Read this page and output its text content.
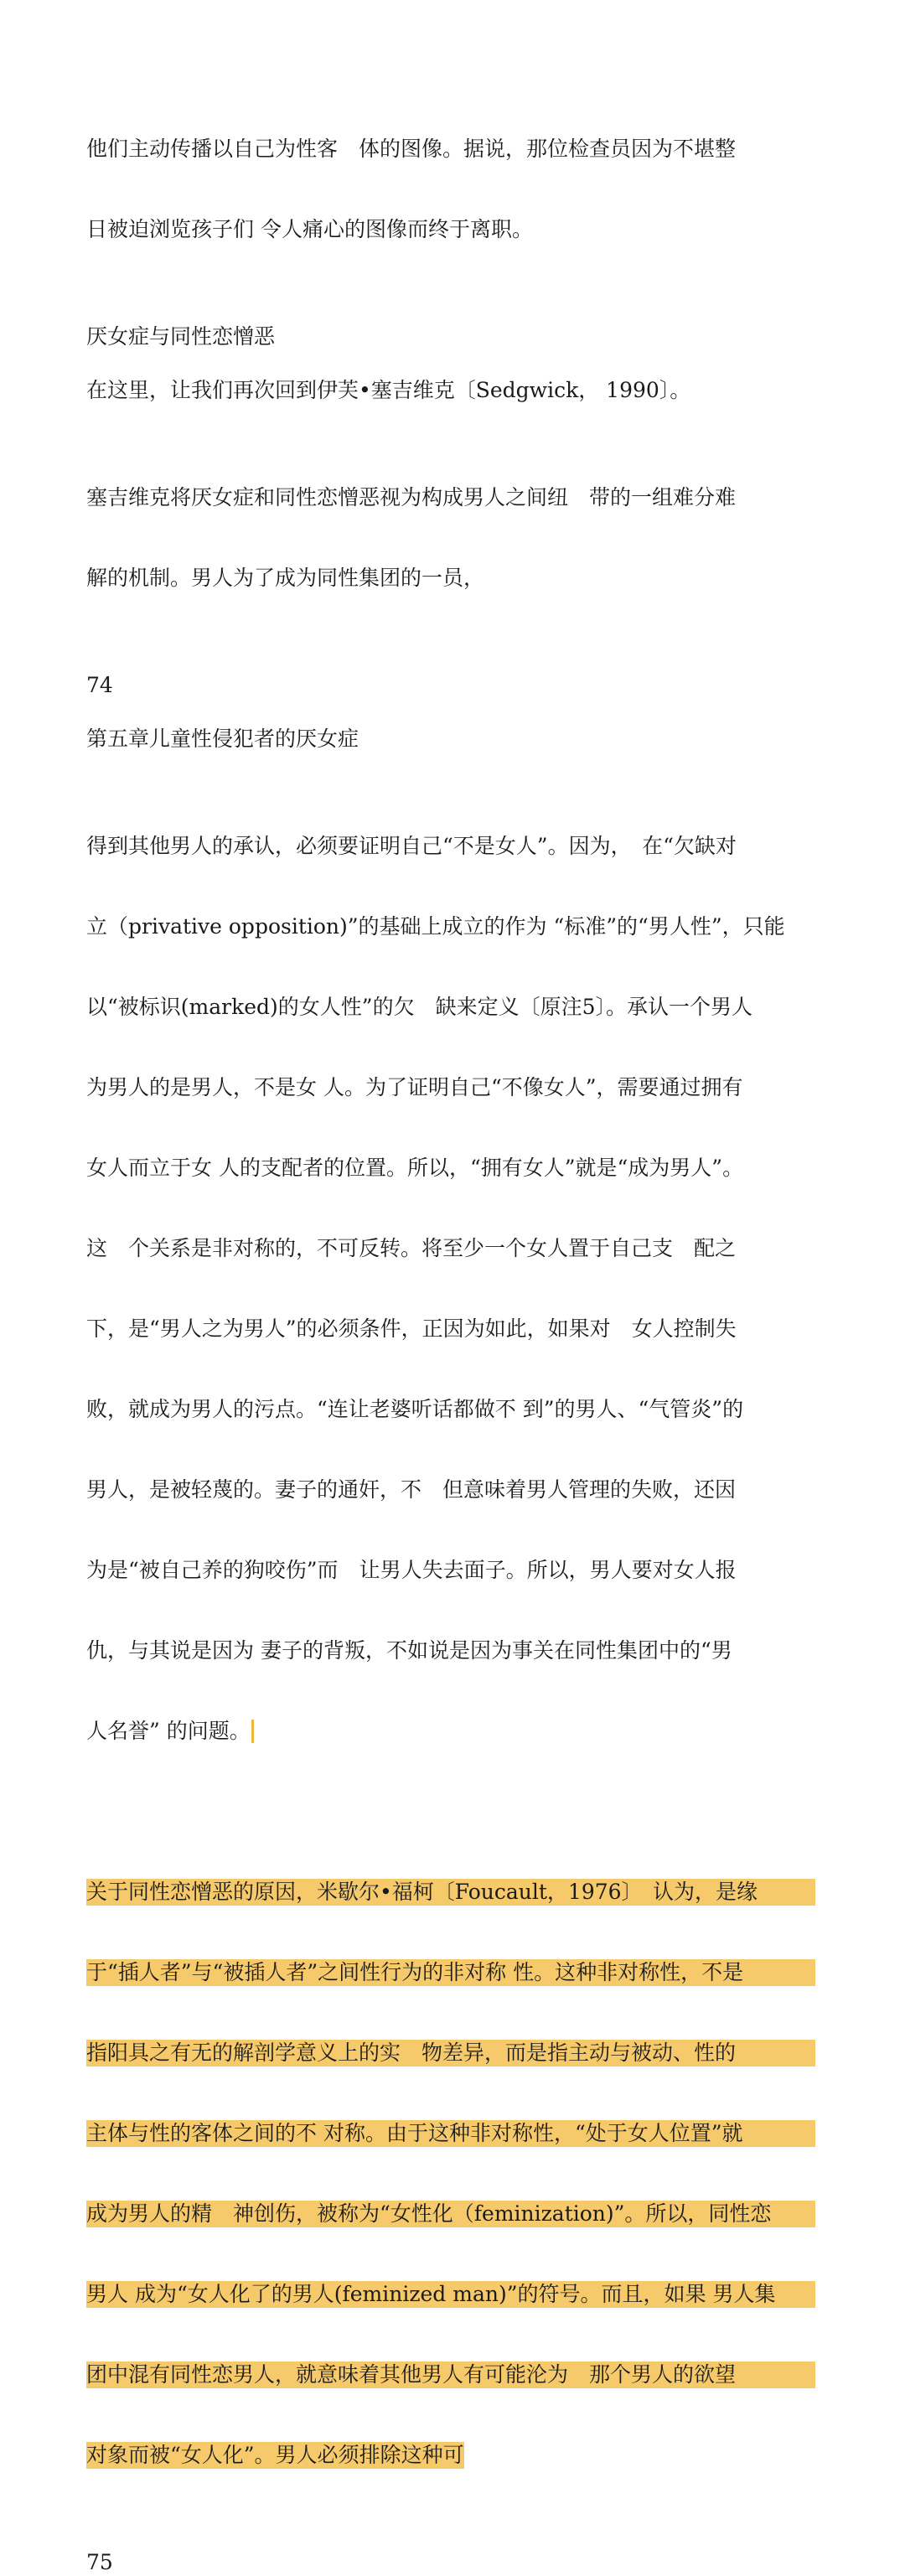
他们主动传播以自己为性客　体的图像。据说，那位检查员因为不堪整

日被迫浏览孩子们 令人痛心的图像而终于离职。

厌女症与同性恋憎恶
在这里，让我们再次回到伊芙•塞吉维克〔Sedgwick， 1990〕。

塞吉维克将厌女症和同性恋憎恶视为构成男人之间纽　带的一组难分难

解的机制。男人为了成为同性集团的一员，

74
第五章儿童性侵犯者的厌女症

得到其他男人的承认，必须要证明自己“不是女人”。因为，　在“欠缺对

立（privative opposition)”的基础上成立的作为 “标准”的“男人性”，只能

以“被标识(marked)的女人性”的欠　缺来定义〔原注5〕。承认一个男人

为男人的是男人，不是女 人。为了证明自己“不像女人”，需要通过拥有

女人而立于女 人的支配者的位置。所以，“拥有女人”就是“成为男人”。

这　个关系是非对称的，不可反转。将至少一个女人置于自己支　配之

下，是“男人之为男人”的必须条件，正因为如此，如果对　女人控制失

败，就成为男人的污点。“连让老婆听话都做不 到”的男人、“气管炎”的

男人，是被轻蔑的。妻子的通奸，不　但意味着男人管理的失败，还因

为是“被自己养的狗咬伤”而　让男人失去面子。所以，男人要对女人报

仇，与其说是因为 妻子的背叛，不如说是因为事关在同性集团中的“男

人名誉” 的问题。

关于同性恋憎恶的原因，米歇尔•福柯〔Foucault，1976〕　认为，是缘

于“插人者”与“被插人者”之间性行为的非对称 性。这种非对称性，不是

指阳具之有无的解剖学意义上的实　物差异，而是指主动与被动、性的

主体与性的客体之间的不 对称。由于这种非对称性，“处于女人位置”就

成为男人的精　神创伤，被称为“女性化（feminization)”。所以，同性恋

男人 成为“女人化了的男人(feminized man)”的符号。而且，如果 男人集

团中混有同性恋男人，就意味着其他男人有可能沦为　那个男人的欲望

对象而被“女人化”。男人必须排除这种可

75
